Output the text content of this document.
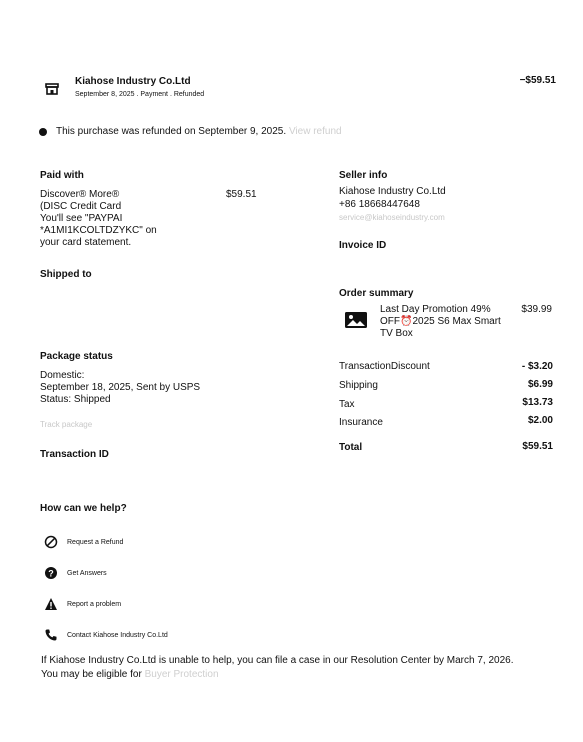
Kiahose Industry Co.Ltd
September 8, 2025 . Payment . Refunded
−$59.51
This purchase was refunded on September 9, 2025. View refund
Paid with
Discover® More®
(DISC Credit Card
You'll see "PAYPAI
*A1MI1KCOLTDZYKC" on
your card statement.
$59.51
Seller info
Kiahose Industry Co.Ltd
+86 18668447648
service@kiahoseindustry.com
Invoice ID
Shipped to
Order summary
Last Day Promotion 49%
OFF⏰2025 S6 Max Smart
TV Box
$39.99
TransactionDiscount	- $3.20
Shipping	$6.99
Tax	$13.73
Insurance	$2.00
Total	$59.51
Package status
Domestic:
September 18, 2025, Sent by USPS
Status: Shipped
Track package
Transaction ID
How can we help?
Request a Refund
? Get Answers
Report a problem
Contact Kiahose Industry Co.Ltd
If Kiahose Industry Co.Ltd is unable to help, you can file a case in our Resolution Center by March 7, 2026.
You may be eligible for Buyer Protection
